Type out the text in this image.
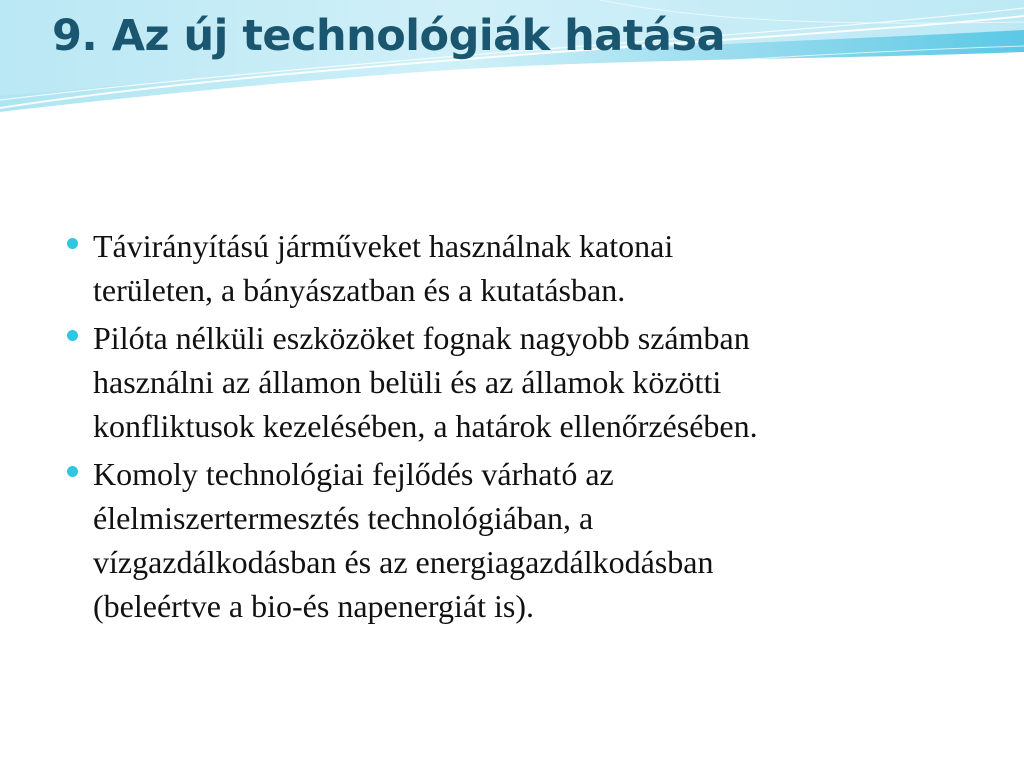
9. Az új technológiák hatása
Távirányítású járműveket használnak katonai
területen, a bányászatban és a kutatásban.
Pilóta nélküli eszközöket fognak nagyobb számban
használni az államon belüli és az államok közötti
konfliktusok kezelésében, a határok ellenőrzésében.
Komoly technológiai fejlődés várható az
élelmiszertermesztés technológiában, a
vízgazdálkodásban és az energiagazdálkodásban
(beleértve a bio-és napenergiát is).
